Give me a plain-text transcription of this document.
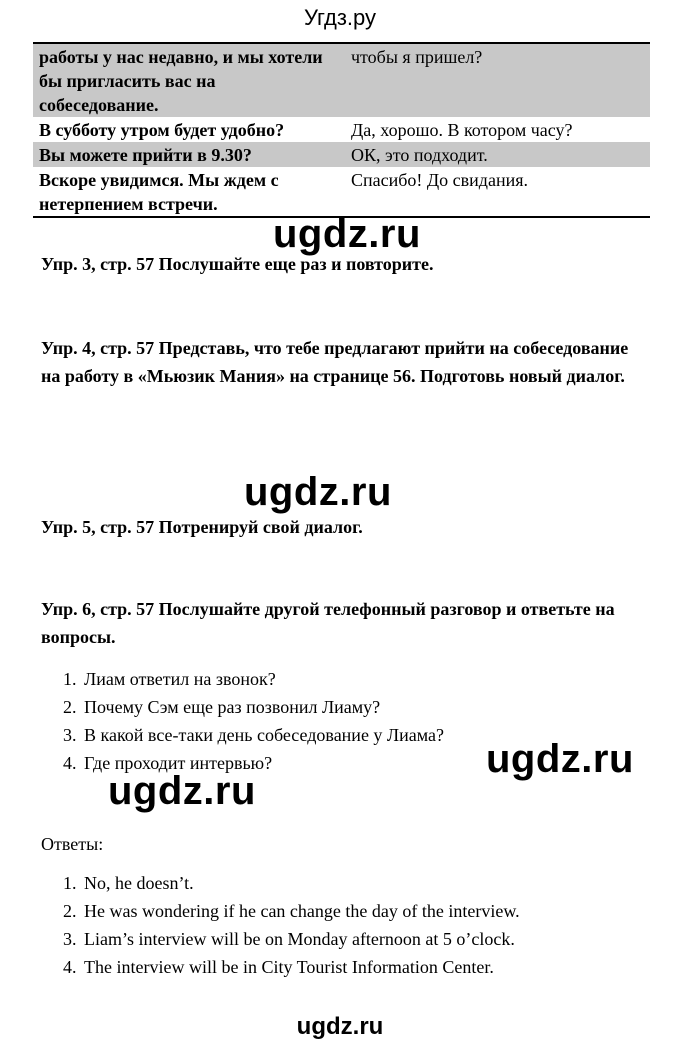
Угдз.ру
работы у нас недавно, и мы хотели бы пригласить вас на собеседование.	чтобы я пришел?
В субботу утром будет удобно?	Да, хорошо. В котором часу?
Вы можете прийти в 9.30?	ОК, это подходит.
Вскоре увидимся. Мы ждем с нетерпением встречи.	Спасибо! До свидания.
ugdz.ru

Упр. 3, стр. 57 Послушайте еще раз и повторите.

Упр. 4, стр. 57 Представь, что тебе предлагают прийти на собеседование на работу в «Мьюзик Мания» на странице 56. Подготовь новый диалог.

ugdz.ru

Упр. 5, стр. 57 Потренируй свой диалог.

Упр. 6, стр. 57 Послушайте другой телефонный разговор и ответьте на вопросы.

1. Лиам ответил на звонок?
2. Почему Сэм еще раз позвонил Лиаму?
3. В какой все-таки день собеседование у Лиама?
4. Где проходит интервью?	ugdz.ru
ugdz.ru
Ответы:
1. No, he doesn’t.
2. He was wondering if he can change the day of the interview.
3. Liam’s interview will be on Monday afternoon at 5 o’clock.
4. The interview will be in City Tourist Information Center.
ugdz.ru
